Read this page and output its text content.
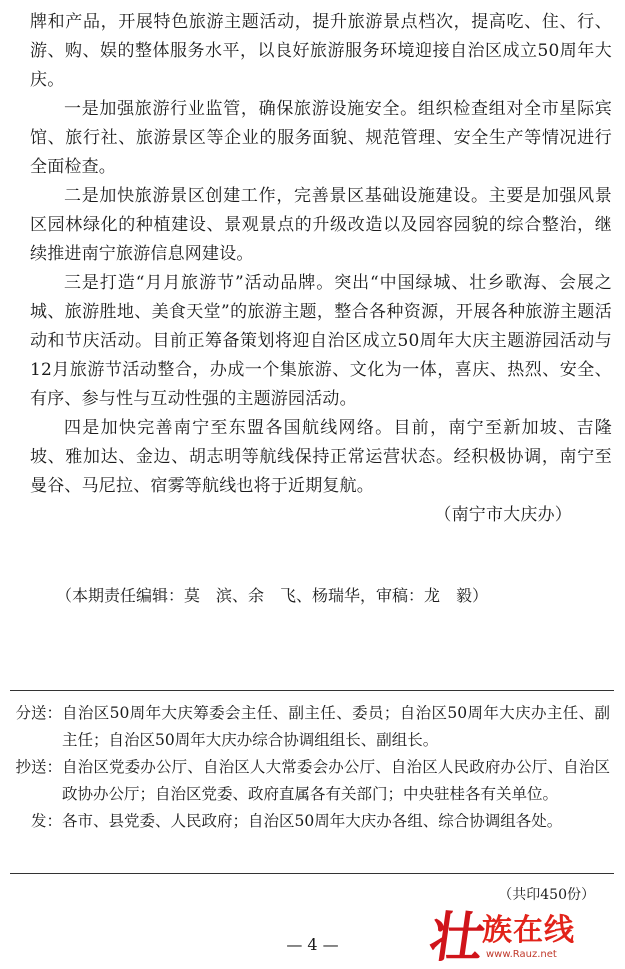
牌和产品，开展特色旅游主题活动，提升旅游景点档次，提高吃、住、行、游、购、娱的整体服务水平，以良好旅游服务环境迎接自治区成立50周年大庆。

一是加强旅游行业监管，确保旅游设施安全。组织检查组对全市星际宾馆、旅行社、旅游景区等企业的服务面貌、规范管理、安全生产等情况进行全面检查。

二是加快旅游景区创建工作，完善景区基础设施建设。主要是加强风景区园林绿化的种植建设、景观景点的升级改造以及园容园貌的综合整治，继续推进南宁旅游信息网建设。

三是打造“月月旅游节”活动品牌。突出“中国绿城、壮乡歌海、会展之城、旅游胜地、美食天堂”的旅游主题，整合各种资源，开展各种旅游主题活动和节庆活动。目前正筹备策划将迎自治区成立50周年大庆主题游园活动与12月旅游节活动整合，办成一个集旅游、文化为一体，喜庆、热烈、安全、有序、参与性与互动性强的主题游园活动。

四是加快完善南宁至东盟各国航线网络。目前，南宁至新加坡、吉隆坡、雅加达、金边、胡志明等航线保持正常运营状态。经积极协调，南宁至曼谷、马尼拉、宿雾等航线也将于近期复航。

（南宁市大庆办）

（本期责任编辑：莫　滨、余　飞、杨瑞华，审稿：龙　毅）
分送： 自治区50周年大庆筹委会主任、副主任、委员；自治区50周年大庆办主任、副主任；自治区50周年大庆办综合协调组组长、副组长。
抄送： 自治区党委办公厅、自治区人大常委会办公厅、自治区人民政府办公厅、自治区政协办公厅；自治区党委、政府直属各有关部门；中央驻桂各有关单位。
发： 各市、县党委、人民政府；自治区50周年大庆办各组、综合协调组各处。
（共印450份）
— 4 —	壮
族在线
www.Rauz.net
